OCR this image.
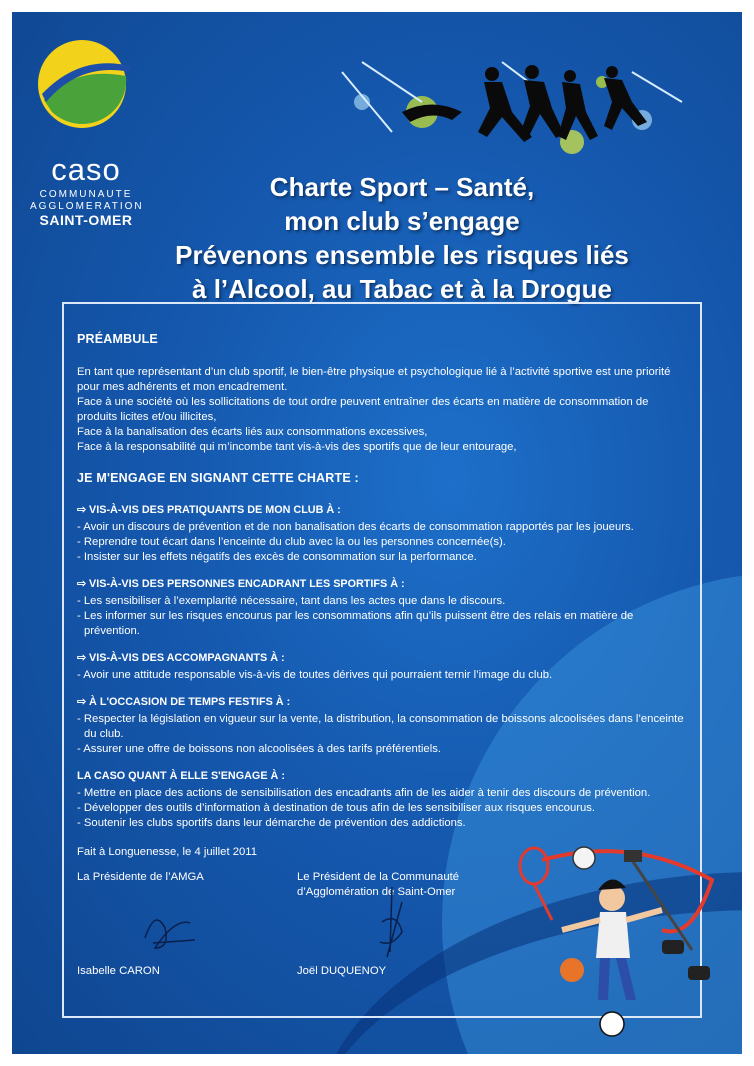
caso
COMMUNAUTE
AGGLOMERATION
SAINT-OMER
Charte Sport – Santé,
mon club s’engage
Prévenons ensemble les risques liés
à l’Alcool, au Tabac et à la Drogue
PRÉAMBULE

En tant que représentant d’un club sportif, le bien-être physique et psychologique lié à l’activité sportive est une priorité pour mes adhérents et mon encadrement.

Face à une société où les sollicitations de tout ordre peuvent entraîner des écarts en matière de consommation de produits licites et/ou illicites,

Face à la banalisation des écarts liés aux consommations excessives,

Face à la responsabilité qui m’incombe tant vis-à-vis des sportifs que de leur entourage,

JE M'ENGAGE EN SIGNANT CETTE CHARTE :
⇨ VIS-À-VIS DES PRATIQUANTS DE MON CLUB À :

- Avoir un discours de prévention et de non banalisation des écarts de consommation rapportés par les joueurs.

- Reprendre tout écart dans l’enceinte du club avec la ou les personnes concernée(s).

- Insister sur les effets négatifs des excès de consommation sur la performance.

⇨ VIS-À-VIS DES PERSONNES ENCADRANT LES SPORTIFS À :

- Les sensibiliser à l’exemplarité nécessaire, tant dans les actes que dans le discours.

- Les informer sur les risques encourus par les consommations afin qu’ils puissent être des relais en matière de prévention.

⇨ VIS-À-VIS DES ACCOMPAGNANTS À :

- Avoir une attitude responsable vis-à-vis de toutes dérives qui pourraient ternir l’image du club.

⇨ À L'OCCASION DE TEMPS FESTIFS À :

- Respecter la législation en vigueur sur la vente, la distribution, la consommation de boissons alcoolisées dans l’enceinte du club.

- Assurer une offre de boissons non alcoolisées à des tarifs préférentiels.

LA CASO QUANT À ELLE S'ENGAGE À :

- Mettre en place des actions de sensibilisation des encadrants afin de les aider à tenir des discours de prévention.

- Développer des outils d’information à destination de tous afin de les sensibiliser aux risques encourus.

- Soutenir les clubs sportifs dans leur démarche de prévention des addictions.

Fait à Longuenesse, le 4 juillet 2011
La Présidente de l’AMGA	Le Président de la Communauté
d’Agglomération de Saint-Omer
Isabelle CARON	Joël DUQUENOY
